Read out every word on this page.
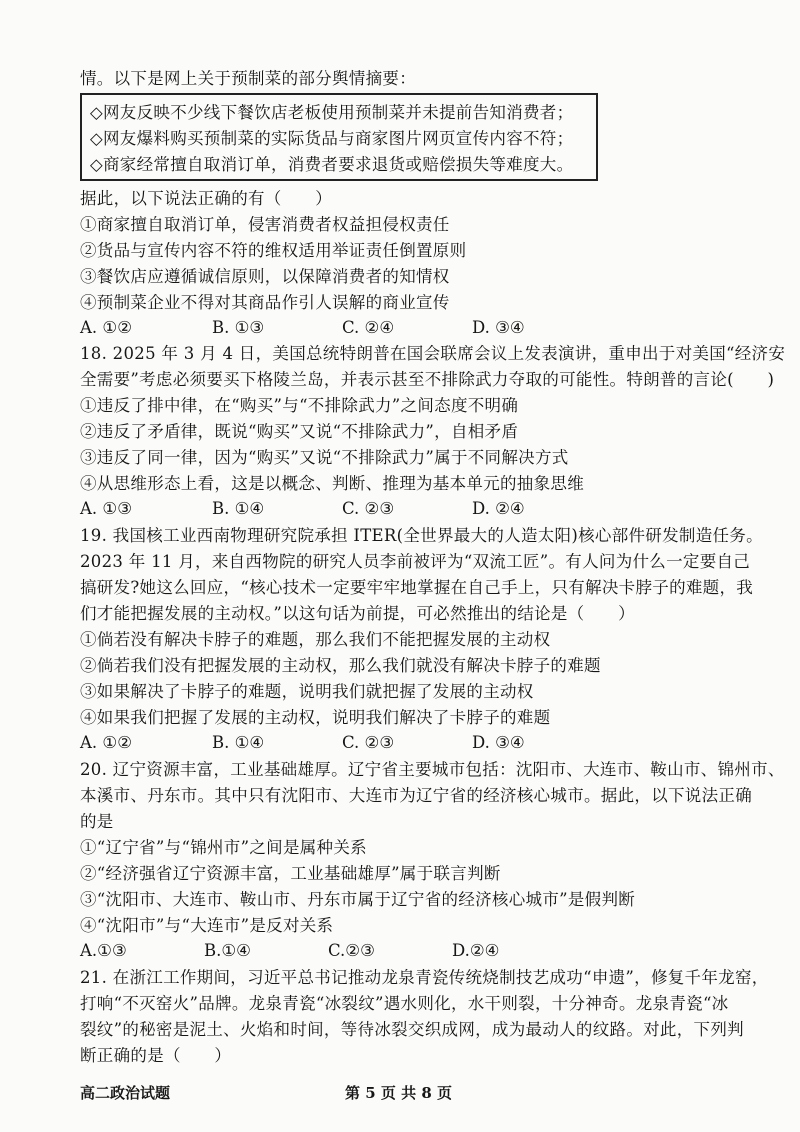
情。以下是网上关于预制菜的部分舆情摘要：
◇网友反映不少线下餐饮店老板使用预制菜并未提前告知消费者；
◇网友爆料购买预制菜的实际货品与商家图片网页宣传内容不符；
◇商家经常擅自取消订单，消费者要求退货或赔偿损失等难度大。
据此，以下说法正确的有（　　）
①商家擅自取消订单，侵害消费者权益担侵权责任
②货品与宣传内容不符的维权适用举证责任倒置原则
③餐饮店应遵循诚信原则，以保障消费者的知情权
④预制菜企业不得对其商品作引人误解的商业宣传
A. ①②	B. ①③	C. ②④	D. ③④
18. 2025 年 3 月 4 日，美国总统特朗普在国会联席会议上发表演讲，重申出于对美国“经济安
全需要”考虑必须要买下格陵兰岛，并表示甚至不排除武力夺取的可能性。特朗普的言论(　　)
①违反了排中律，在“购买”与“不排除武力”之间态度不明确
②违反了矛盾律，既说“购买”又说“不排除武力”，自相矛盾
③违反了同一律，因为“购买”又说“不排除武力”属于不同解决方式
④从思维形态上看，这是以概念、判断、推理为基本单元的抽象思维
A. ①③	B. ①④	C. ②③	D. ②④
19. 我国核工业西南物理研究院承担 ITER(全世界最大的人造太阳)核心部件研发制造任务。
2023 年 11 月，来自西物院的研究人员李前被评为“双流工匠”。有人问为什么一定要自己
搞研发?她这么回应，“核心技术一定要牢牢地掌握在自己手上，只有解决卡脖子的难题，我
们才能把握发展的主动权。”以这句话为前提，可必然推出的结论是（　　）
①倘若没有解决卡脖子的难题，那么我们不能把握发展的主动权
②倘若我们没有把握发展的主动权，那么我们就没有解决卡脖子的难题
③如果解决了卡脖子的难题，说明我们就把握了发展的主动权
④如果我们把握了发展的主动权，说明我们解决了卡脖子的难题
A. ①②	B. ①④	C. ②③	D. ③④
20. 辽宁资源丰富，工业基础雄厚。辽宁省主要城市包括：沈阳市、大连市、鞍山市、锦州市、
本溪市、丹东市。其中只有沈阳市、大连市为辽宁省的经济核心城市。据此，以下说法正确
的是
①“辽宁省”与“锦州市”之间是属种关系
②“经济强省辽宁资源丰富，工业基础雄厚”属于联言判断
③“沈阳市、大连市、鞍山市、丹东市属于辽宁省的经济核心城市”是假判断
④“沈阳市”与“大连市”是反对关系
A.①③	B.①④	C.②③	D.②④
21. 在浙江工作期间，习近平总书记推动龙泉青瓷传统烧制技艺成功“申遗”，修复千年龙窑，
打响“不灭窑火”品牌。龙泉青瓷“冰裂纹”遇水则化，水干则裂，十分神奇。龙泉青瓷“冰
裂纹”的秘密是泥土、火焰和时间，等待冰裂交织成网，成为最动人的纹路。对此，下列判
断正确的是（　　）
高二政治试题	第 5 页 共 8 页
